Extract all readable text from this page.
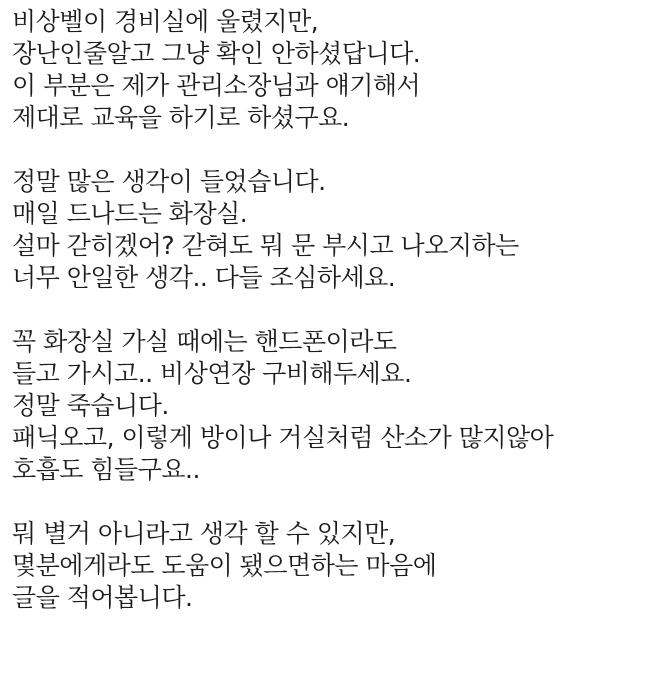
비상벨이 경비실에 울렸지만,
장난인줄알고 그냥 확인 안하셨답니다.
이 부분은 제가 관리소장님과 얘기해서
제대로 교육을 하기로 하셨구요.
정말 많은 생각이 들었습니다.
매일 드나드는 화장실.
설마 갇히겠어? 갇혀도 뭐 문 부시고 나오지하는
너무 안일한 생각.. 다들 조심하세요.
꼭 화장실 가실 때에는 핸드폰이라도
들고 가시고.. 비상연장 구비해두세요.
정말 죽습니다.
패닉오고, 이렇게 방이나 거실처럼 산소가 많지않아
호흡도 힘들구요..
뭐 별거 아니라고 생각 할 수 있지만,
몇분에게라도 도움이 됐으면하는 마음에
글을 적어봅니다.
